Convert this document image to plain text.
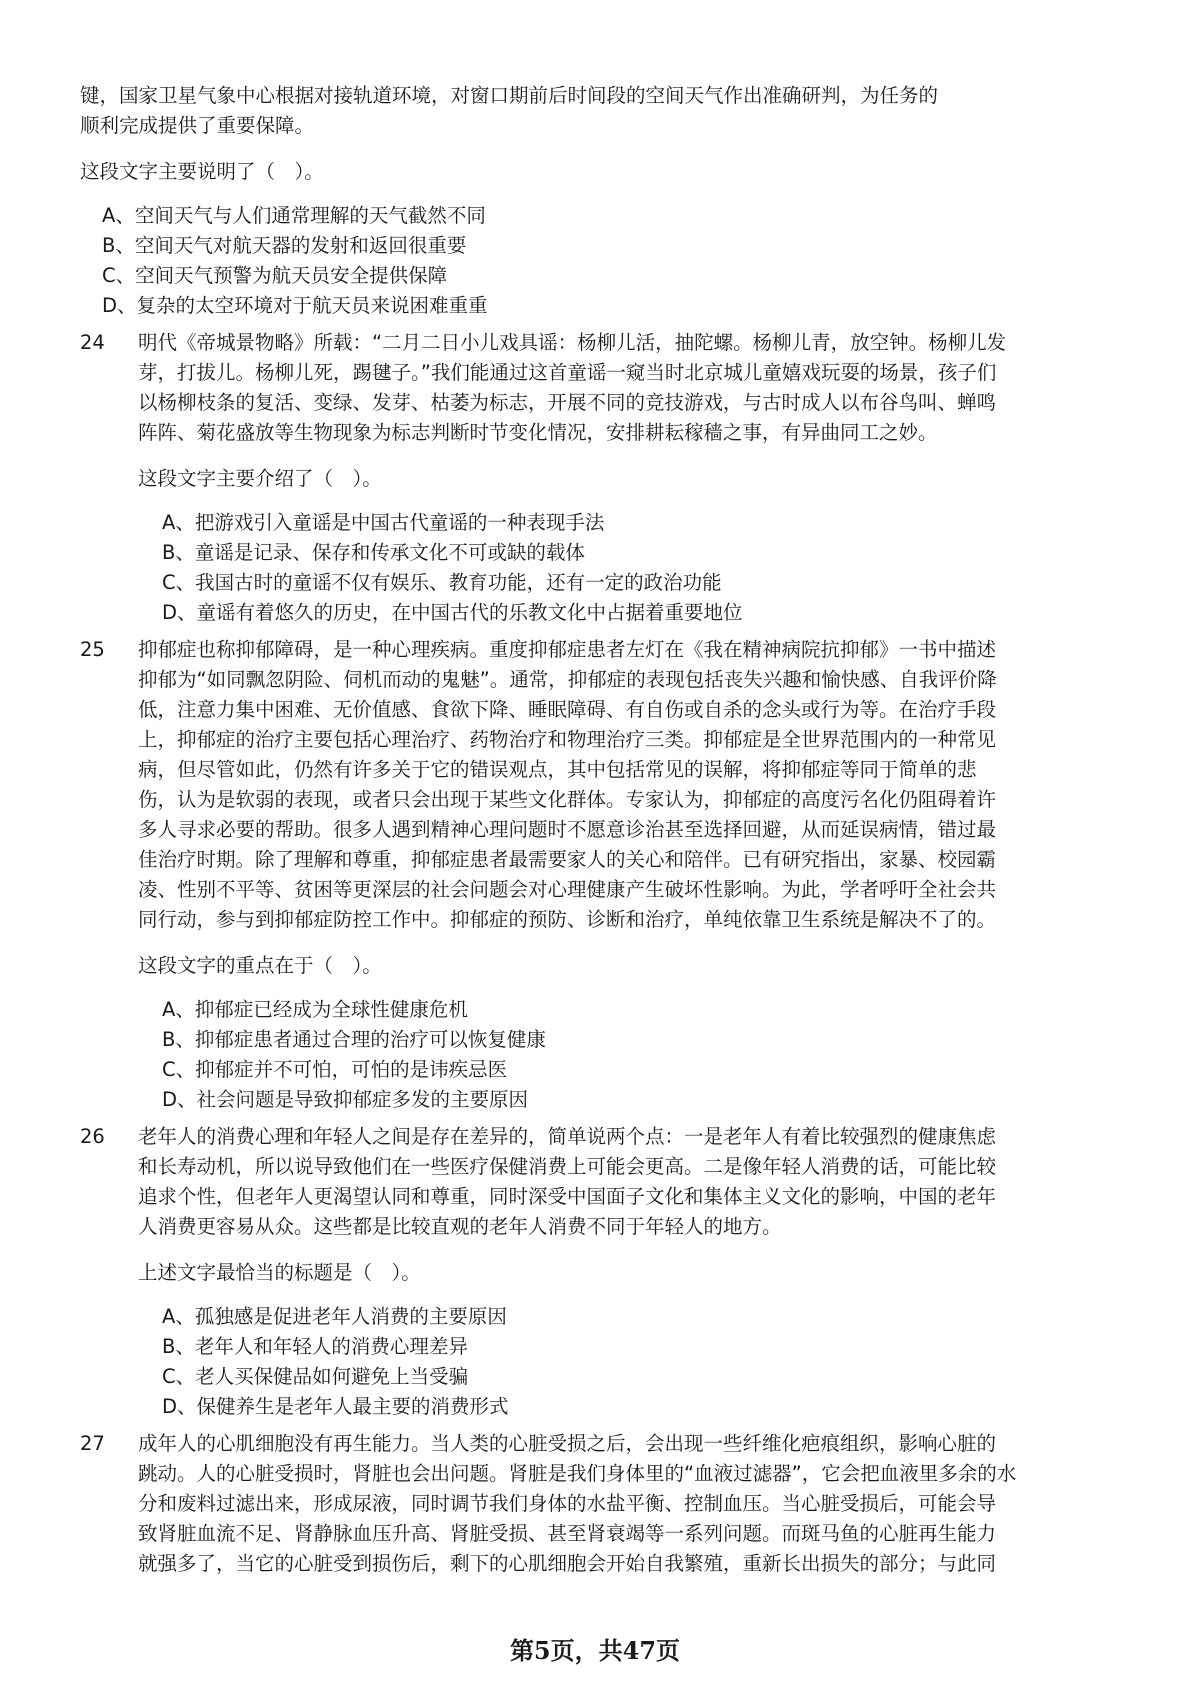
键，国家卫星气象中心根据对接轨道环境，对窗口期前后时间段的空间天气作出准确研判，为任务的
顺利完成提供了重要保障。
这段文字主要说明了（　）。
A、空间天气与人们通常理解的天气截然不同
B、空间天气对航天器的发射和返回很重要
C、空间天气预警为航天员安全提供保障
D、复杂的太空环境对于航天员来说困难重重
24 明代《帝城景物略》所载：“二月二日小儿戏具谣：杨柳儿活，抽陀螺。杨柳儿青，放空钟。杨柳儿发
芽，打拔儿。杨柳儿死，踢毽子。”我们能通过这首童谣一窥当时北京城儿童嬉戏玩耍的场景，孩子们
以杨柳枝条的复活、变绿、发芽、枯萎为标志，开展不同的竞技游戏，与古时成人以布谷鸟叫、蝉鸣
阵阵、菊花盛放等生物现象为标志判断时节变化情况，安排耕耘稼穑之事，有异曲同工之妙。
这段文字主要介绍了（　）。
A、把游戏引入童谣是中国古代童谣的一种表现手法
B、童谣是记录、保存和传承文化不可或缺的载体
C、我国古时的童谣不仅有娱乐、教育功能，还有一定的政治功能
D、童谣有着悠久的历史，在中国古代的乐教文化中占据着重要地位
25 抑郁症也称抑郁障碍，是一种心理疾病。重度抑郁症患者左灯在《我在精神病院抗抑郁》一书中描述
抑郁为“如同飘忽阴险、伺机而动的鬼魅”。通常，抑郁症的表现包括丧失兴趣和愉快感、自我评价降
低，注意力集中困难、无价值感、食欲下降、睡眠障碍、有自伤或自杀的念头或行为等。在治疗手段
上，抑郁症的治疗主要包括心理治疗、药物治疗和物理治疗三类。抑郁症是全世界范围内的一种常见
病，但尽管如此，仍然有许多关于它的错误观点，其中包括常见的误解，将抑郁症等同于简单的悲
伤，认为是软弱的表现，或者只会出现于某些文化群体。专家认为，抑郁症的高度污名化仍阻碍着许
多人寻求必要的帮助。很多人遇到精神心理问题时不愿意诊治甚至选择回避，从而延误病情，错过最
佳治疗时期。除了理解和尊重，抑郁症患者最需要家人的关心和陪伴。已有研究指出，家暴、校园霸
凌、性别不平等、贫困等更深层的社会问题会对心理健康产生破坏性影响。为此，学者呼吁全社会共
同行动，参与到抑郁症防控工作中。抑郁症的预防、诊断和治疗，单纯依靠卫生系统是解决不了的。
这段文字的重点在于（　）。
A、抑郁症已经成为全球性健康危机
B、抑郁症患者通过合理的治疗可以恢复健康
C、抑郁症并不可怕，可怕的是讳疾忌医
D、社会问题是导致抑郁症多发的主要原因
26 老年人的消费心理和年轻人之间是存在差异的，简单说两个点：一是老年人有着比较强烈的健康焦虑
和长寿动机，所以说导致他们在一些医疗保健消费上可能会更高。二是像年轻人消费的话，可能比较
追求个性，但老年人更渴望认同和尊重，同时深受中国面子文化和集体主义文化的影响，中国的老年
人消费更容易从众。这些都是比较直观的老年人消费不同于年轻人的地方。
上述文字最恰当的标题是（　）。
A、孤独感是促进老年人消费的主要原因
B、老年人和年轻人的消费心理差异
C、老人买保健品如何避免上当受骗
D、保健养生是老年人最主要的消费形式
27 成年人的心肌细胞没有再生能力。当人类的心脏受损之后，会出现一些纤维化疤痕组织，影响心脏的
跳动。人的心脏受损时，肾脏也会出问题。肾脏是我们身体里的“血液过滤器”，它会把血液里多余的水
分和废料过滤出来，形成尿液，同时调节我们身体的水盐平衡、控制血压。当心脏受损后，可能会导
致肾脏血流不足、肾静脉血压升高、肾脏受损、甚至肾衰竭等一系列问题。而斑马鱼的心脏再生能力
就强多了，当它的心脏受到损伤后，剩下的心肌细胞会开始自我繁殖，重新长出损失的部分；与此同
第5页，共47页
